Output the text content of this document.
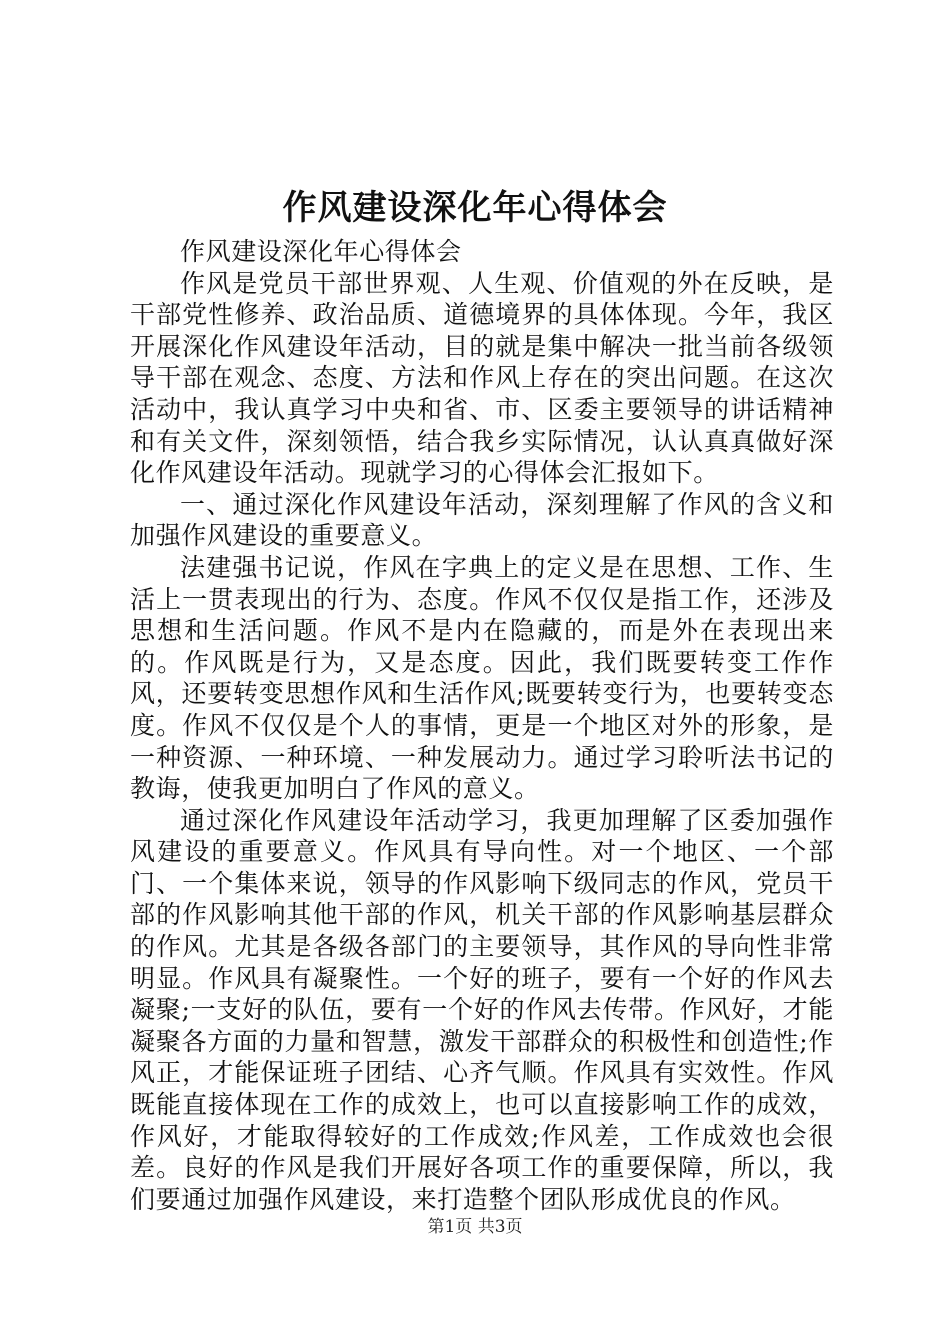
作风建设深化年心得体会

作风建设深化年心得体会

作风是党员干部世界观、人生观、价值观的外在反映，是干部党性修养、政治品质、道德境界的具体体现。今年，我区开展深化作风建设年活动，目的就是集中解决一批当前各级领导干部在观念、态度、方法和作风上存在的突出问题。在这次活动中，我认真学习中央和省、市、区委主要领导的讲话精神和有关文件，深刻领悟，结合我乡实际情况，认认真真做好深化作风建设年活动。现就学习的心得体会汇报如下。

一、通过深化作风建设年活动，深刻理解了作风的含义和加强作风建设的重要意义。

法建强书记说，作风在字典上的定义是在思想、工作、生活上一贯表现出的行为、态度。作风不仅仅是指工作，还涉及思想和生活问题。作风不是内在隐藏的，而是外在表现出来的。作风既是行为，又是态度。因此，我们既要转变工作作风，还要转变思想作风和生活作风;既要转变行为，也要转变态度。作风不仅仅是个人的事情，更是一个地区对外的形象，是一种资源、一种环境、一种发展动力。通过学习聆听法书记的教诲，使我更加明白了作风的意义。

通过深化作风建设年活动学习，我更加理解了区委加强作风建设的重要意义。作风具有导向性。对一个地区、一个部门、一个集体来说，领导的作风影响下级同志的作风，党员干部的作风影响其他干部的作风，机关干部的作风影响基层群众的作风。尤其是各级各部门的主要领导，其作风的导向性非常明显。作风具有凝聚性。一个好的班子，要有一个好的作风去凝聚;一支好的队伍，要有一个好的作风去传带。作风好，才能凝聚各方面的力量和智慧，激发干部群众的积极性和创造性;作风正，才能保证班子团结、心齐气顺。作风具有实效性。作风既能直接体现在工作的成效上，也可以直接影响工作的成效，作风好，才能取得较好的工作成效;作风差，工作成效也会很差。良好的作风是我们开展好各项工作的重要保障，所以，我们要通过加强作风建设，来打造整个团队形成优良的作风。

第1页 共3页
